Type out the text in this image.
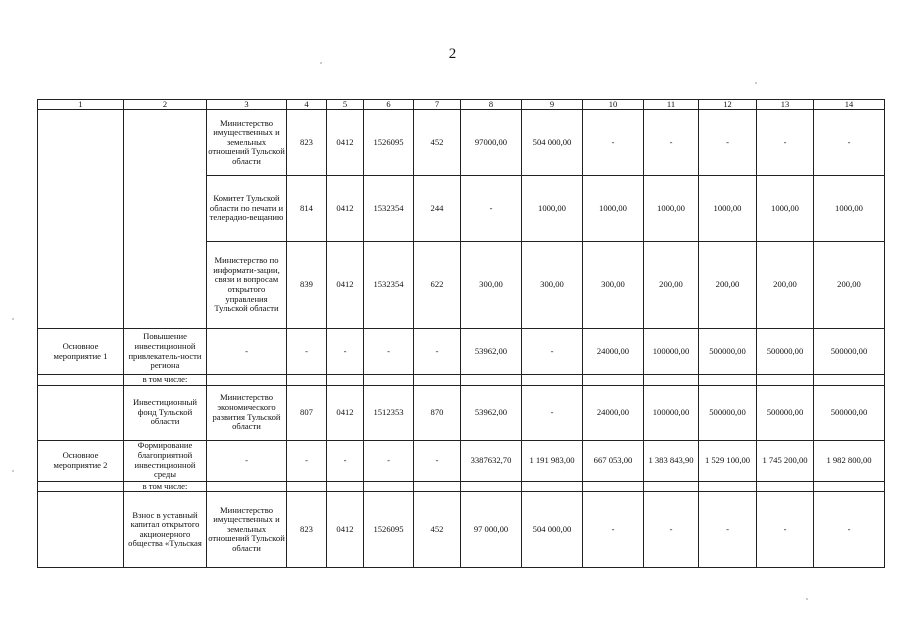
2
1	2	3	4	5	6	7	8	9	10	11	12	13	14
		Министерство имущественных и земельных отношений Тульской области	823	0412	1526095	452	97000,00	504 000,00	-	-	-	-	-
		Комитет Тульской области по печати и телерадио-вещанию	814	0412	1532354	244	-	1000,00	1000,00	1000,00	1000,00	1000,00	1000,00
		Министерство по информати-зации, связи и вопросам открытого управления Тульской области	839	0412	1532354	622	300,00	300,00	300,00	200,00	200,00	200,00	200,00
Основное мероприятие 1	Повышение инвестиционной привлекатель-ности региона	-	-	-	-	-	53962,00	-	24000,00	100000,00	500000,00	500000,00	500000,00
	в том числе:												
	Инвестиционный фонд Тульской области	Министерство экономического развития Тульской области	807	0412	1512353	870	53962,00	-	24000,00	100000,00	500000,00	500000,00	500000,00
Основное мероприятие 2	Формирование благоприятной инвестиционной среды	-	-	-	-	-	3387632,70	1 191 983,00	667 053,00	1 383 843,90	1 529 100,00	1 745 200,00	1 982 800,00
	в том числе:												
	Взнос в уставный капитал открытого акционерного общества «Тульская	Министерство имущественных и земельных отношений Тульской области	823	0412	1526095	452	97 000,00	504 000,00	-	-	-	-	-
